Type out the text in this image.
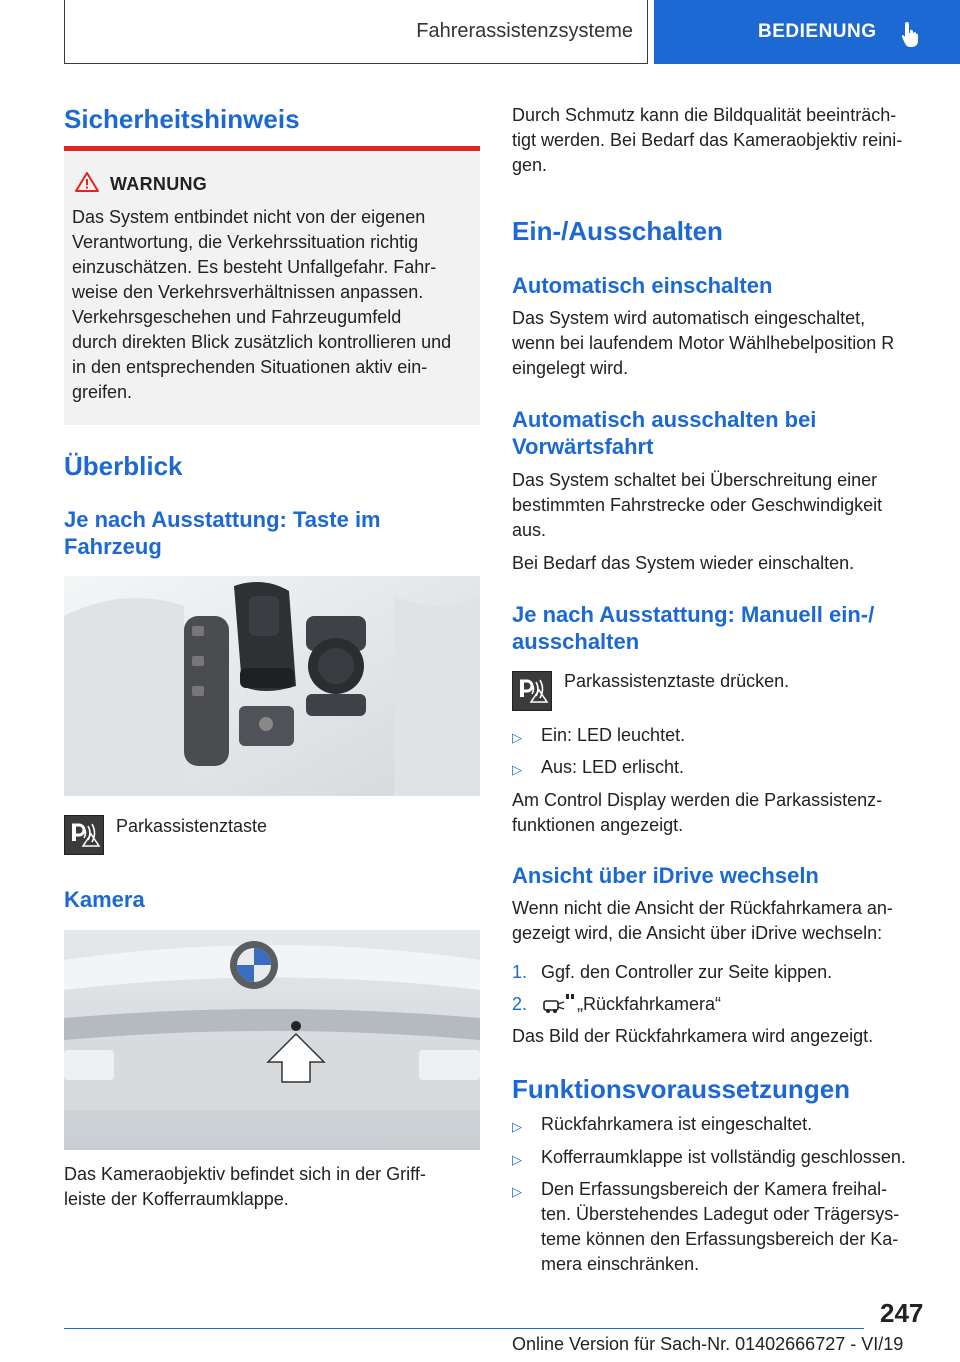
Fahrerassistenzsysteme	BEDIENUNG
Sicherheitshinweis
WARNUNG
Das System entbindet nicht von der eigenen
Verantwortung, die Verkehrssituation richtig
einzuschätzen. Es besteht Unfallgefahr. Fahr-
weise den Verkehrsverhältnissen anpassen.
Verkehrsgeschehen und Fahrzeugumfeld
durch direkten Blick zusätzlich kontrollieren und
in den entsprechenden Situationen aktiv ein-
greifen.
Überblick
Je nach Ausstattung: Taste im
Fahrzeug
Parkassistenztaste
Kamera
Das Kameraobjektiv befindet sich in der Griff-
leiste der Kofferraumklappe.
Durch Schmutz kann die Bildqualität beeinträch-
tigt werden. Bei Bedarf das Kameraobjektiv reini-
gen.
Ein-/Ausschalten
Automatisch einschalten
Das System wird automatisch eingeschaltet,
wenn bei laufendem Motor Wählhebelposition R
eingelegt wird.
Automatisch ausschalten bei
Vorwärtsfahrt
Das System schaltet bei Überschreitung einer
bestimmten Fahrstrecke oder Geschwindigkeit
aus.
Bei Bedarf das System wieder einschalten.
Je nach Ausstattung: Manuell ein-/
ausschalten
Parkassistenztaste drücken.
▷ Ein: LED leuchtet.
▷ Aus: LED erlischt.
Am Control Display werden die Parkassistenz-
funktionen angezeigt.
Ansicht über iDrive wechseln
Wenn nicht die Ansicht der Rückfahrkamera an-
gezeigt wird, die Ansicht über iDrive wechseln:
1. Ggf. den Controller zur Seite kippen.
2.	„Rückfahrkamera“
Das Bild der Rückfahrkamera wird angezeigt.
Funktionsvoraussetzungen
▷ Rückfahrkamera ist eingeschaltet.
▷ Kofferraumklappe ist vollständig geschlossen.
▷ Den Erfassungsbereich der Kamera freihal-
ten. Überstehendes Ladegut oder Trägersys-
teme können den Erfassungsbereich der Ka-
mera einschränken.
247
Online Version für Sach-Nr. 01402666727 - VI/19
